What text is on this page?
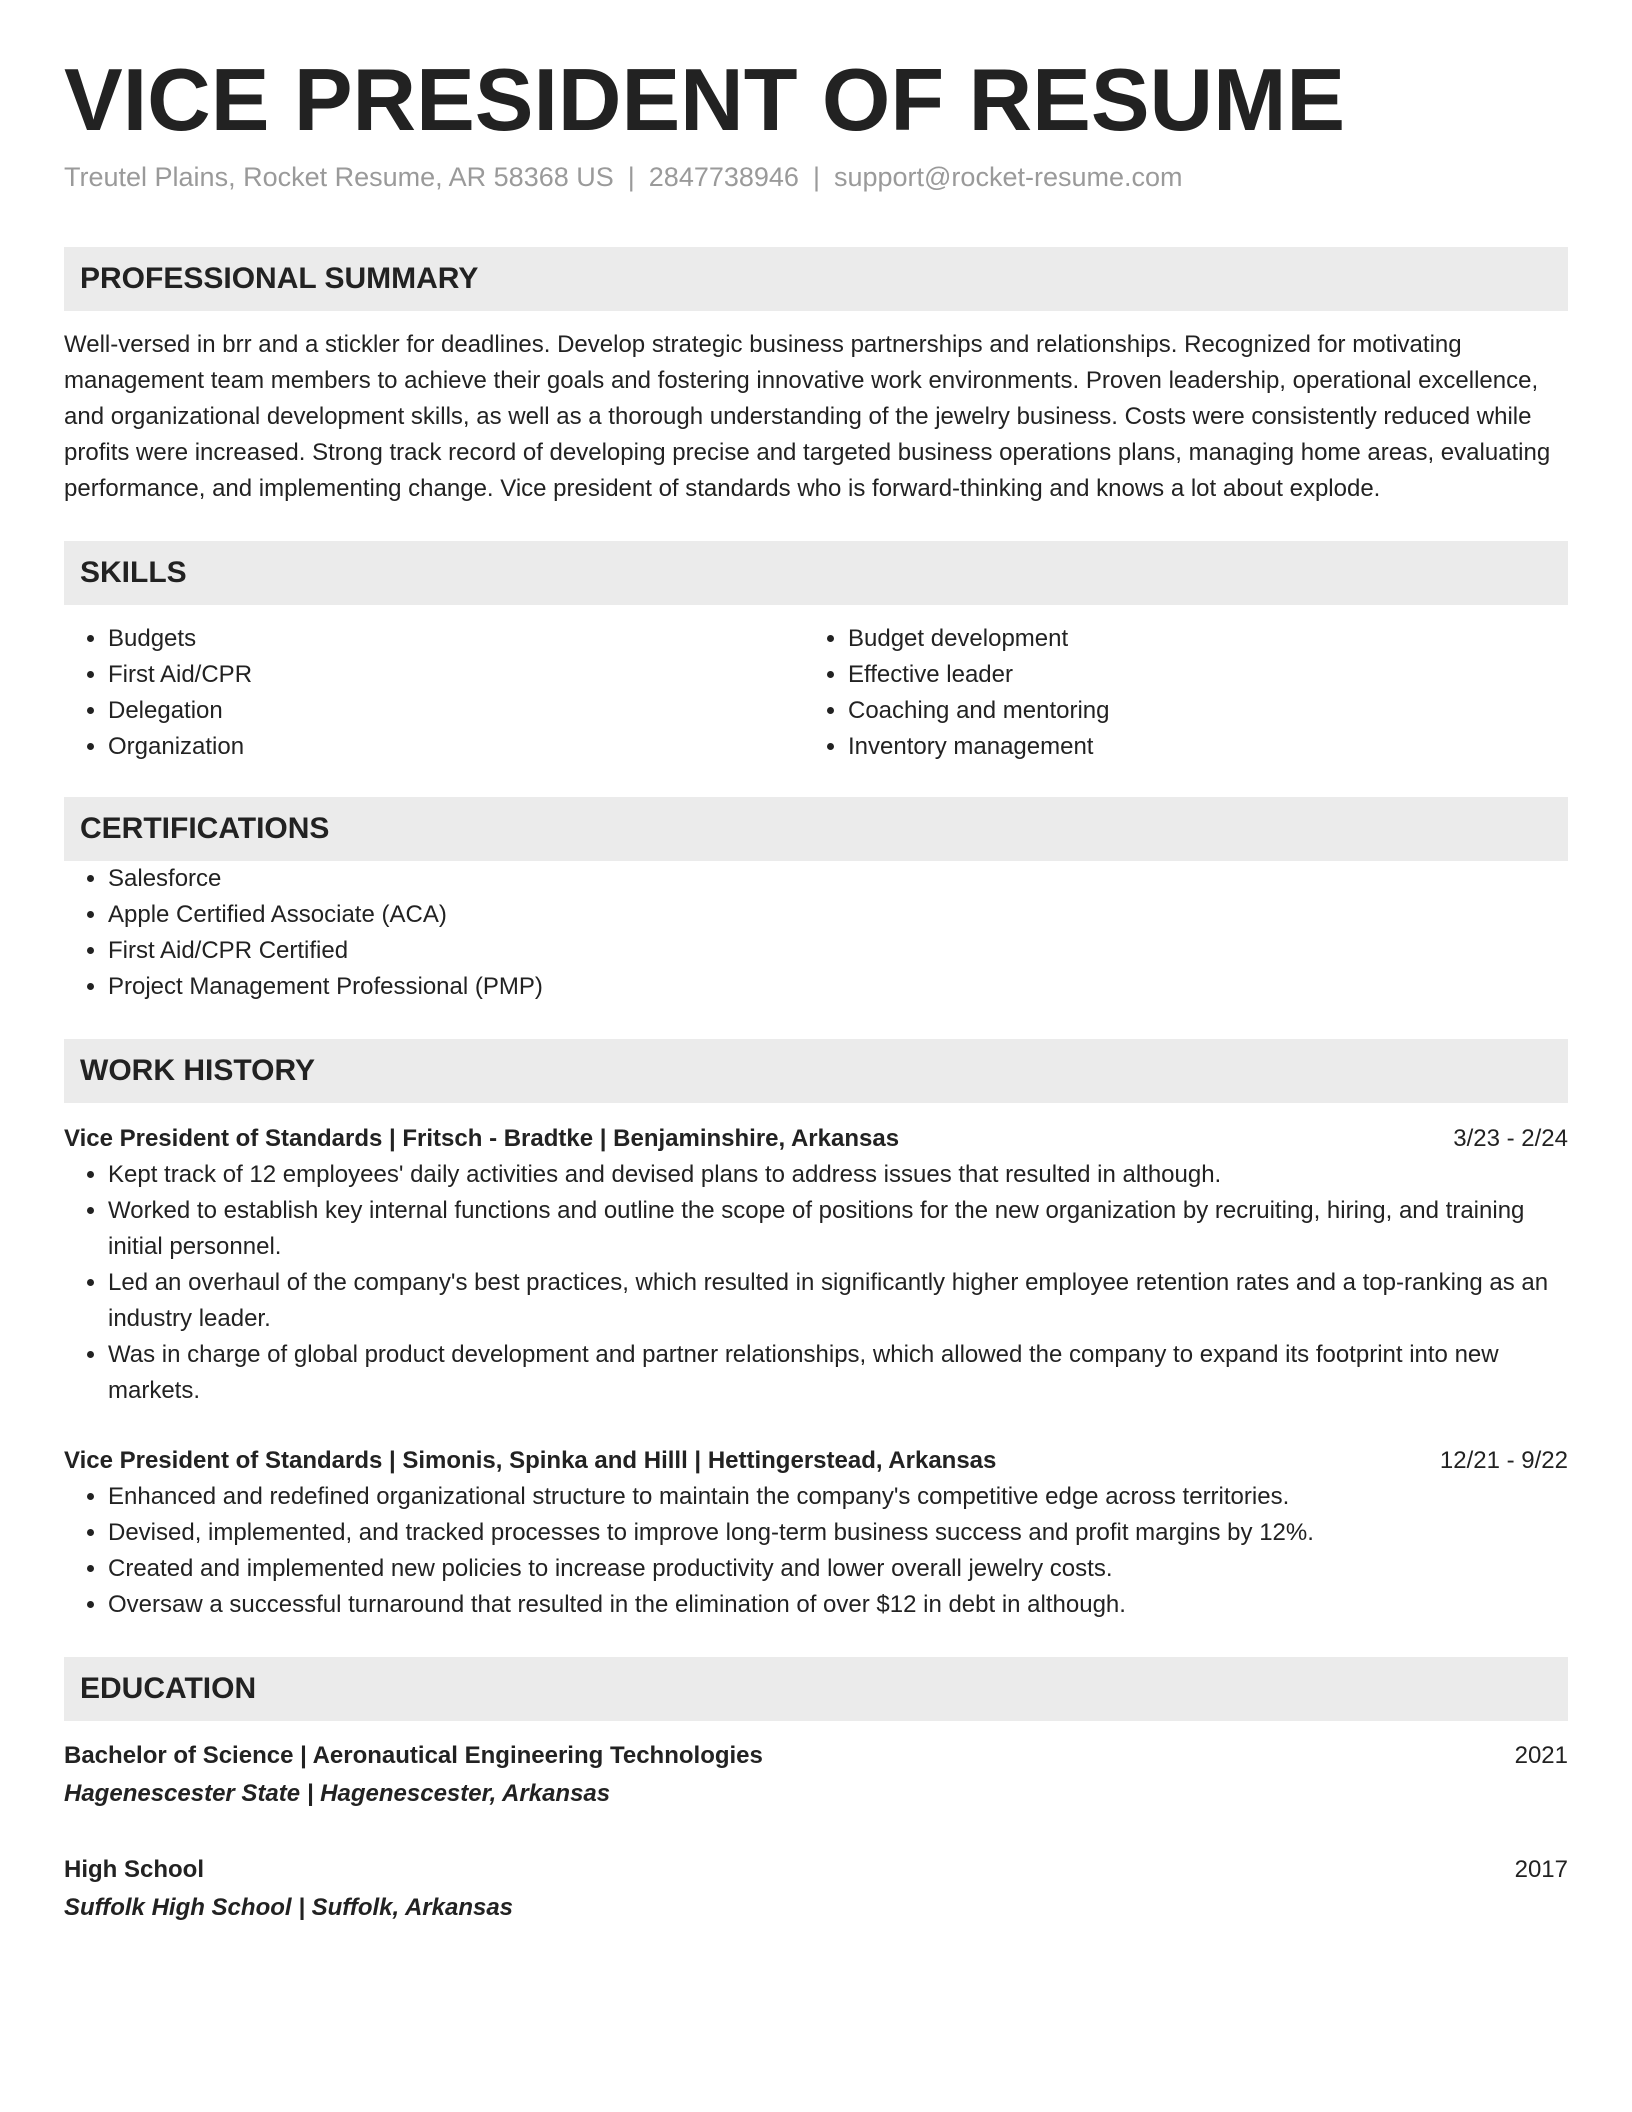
VICE PRESIDENT OF RESUME
Treutel Plains, Rocket Resume, AR 58368 US | 2847738946 | support@rocket-resume.com
PROFESSIONAL SUMMARY

Well-versed in brr and a stickler for deadlines. Develop strategic business partnerships and relationships. Recognized for motivating management team members to achieve their goals and fostering innovative work environments. Proven leadership, operational excellence, and organizational development skills, as well as a thorough understanding of the jewelry business. Costs were consistently reduced while profits were increased. Strong track record of developing precise and targeted business operations plans, managing home areas, evaluating performance, and implementing change. Vice president of standards who is forward-thinking and knows a lot about explode.

SKILLS
• Budgets
• First Aid/CPR
• Delegation
• Organization
• Budget development
• Effective leader
• Coaching and mentoring
• Inventory management
CERTIFICATIONS
• Salesforce
• Apple Certified Associate (ACA)
• First Aid/CPR Certified
• Project Management Professional (PMP)
WORK HISTORY
Vice President of Standards | Fritsch - Bradtke | Benjaminshire, Arkansas	3/23 - 2/24
• Kept track of 12 employees' daily activities and devised plans to address issues that resulted in although.
• Worked to establish key internal functions and outline the scope of positions for the new organization by recruiting, hiring, and training initial personnel.
• Led an overhaul of the company's best practices, which resulted in significantly higher employee retention rates and a top-ranking as an industry leader.
• Was in charge of global product development and partner relationships, which allowed the company to expand its footprint into new markets.
Vice President of Standards | Simonis, Spinka and Hilll | Hettingerstead, Arkansas	12/21 - 9/22
• Enhanced and redefined organizational structure to maintain the company's competitive edge across territories.
• Devised, implemented, and tracked processes to improve long-term business success and profit margins by 12%.
• Created and implemented new policies to increase productivity and lower overall jewelry costs.
• Oversaw a successful turnaround that resulted in the elimination of over $12 in debt in although.
EDUCATION
Bachelor of Science | Aeronautical Engineering Technologies	2021
Hagenescester State | Hagenescester, Arkansas
High School	2017
Suffolk High School | Suffolk, Arkansas
